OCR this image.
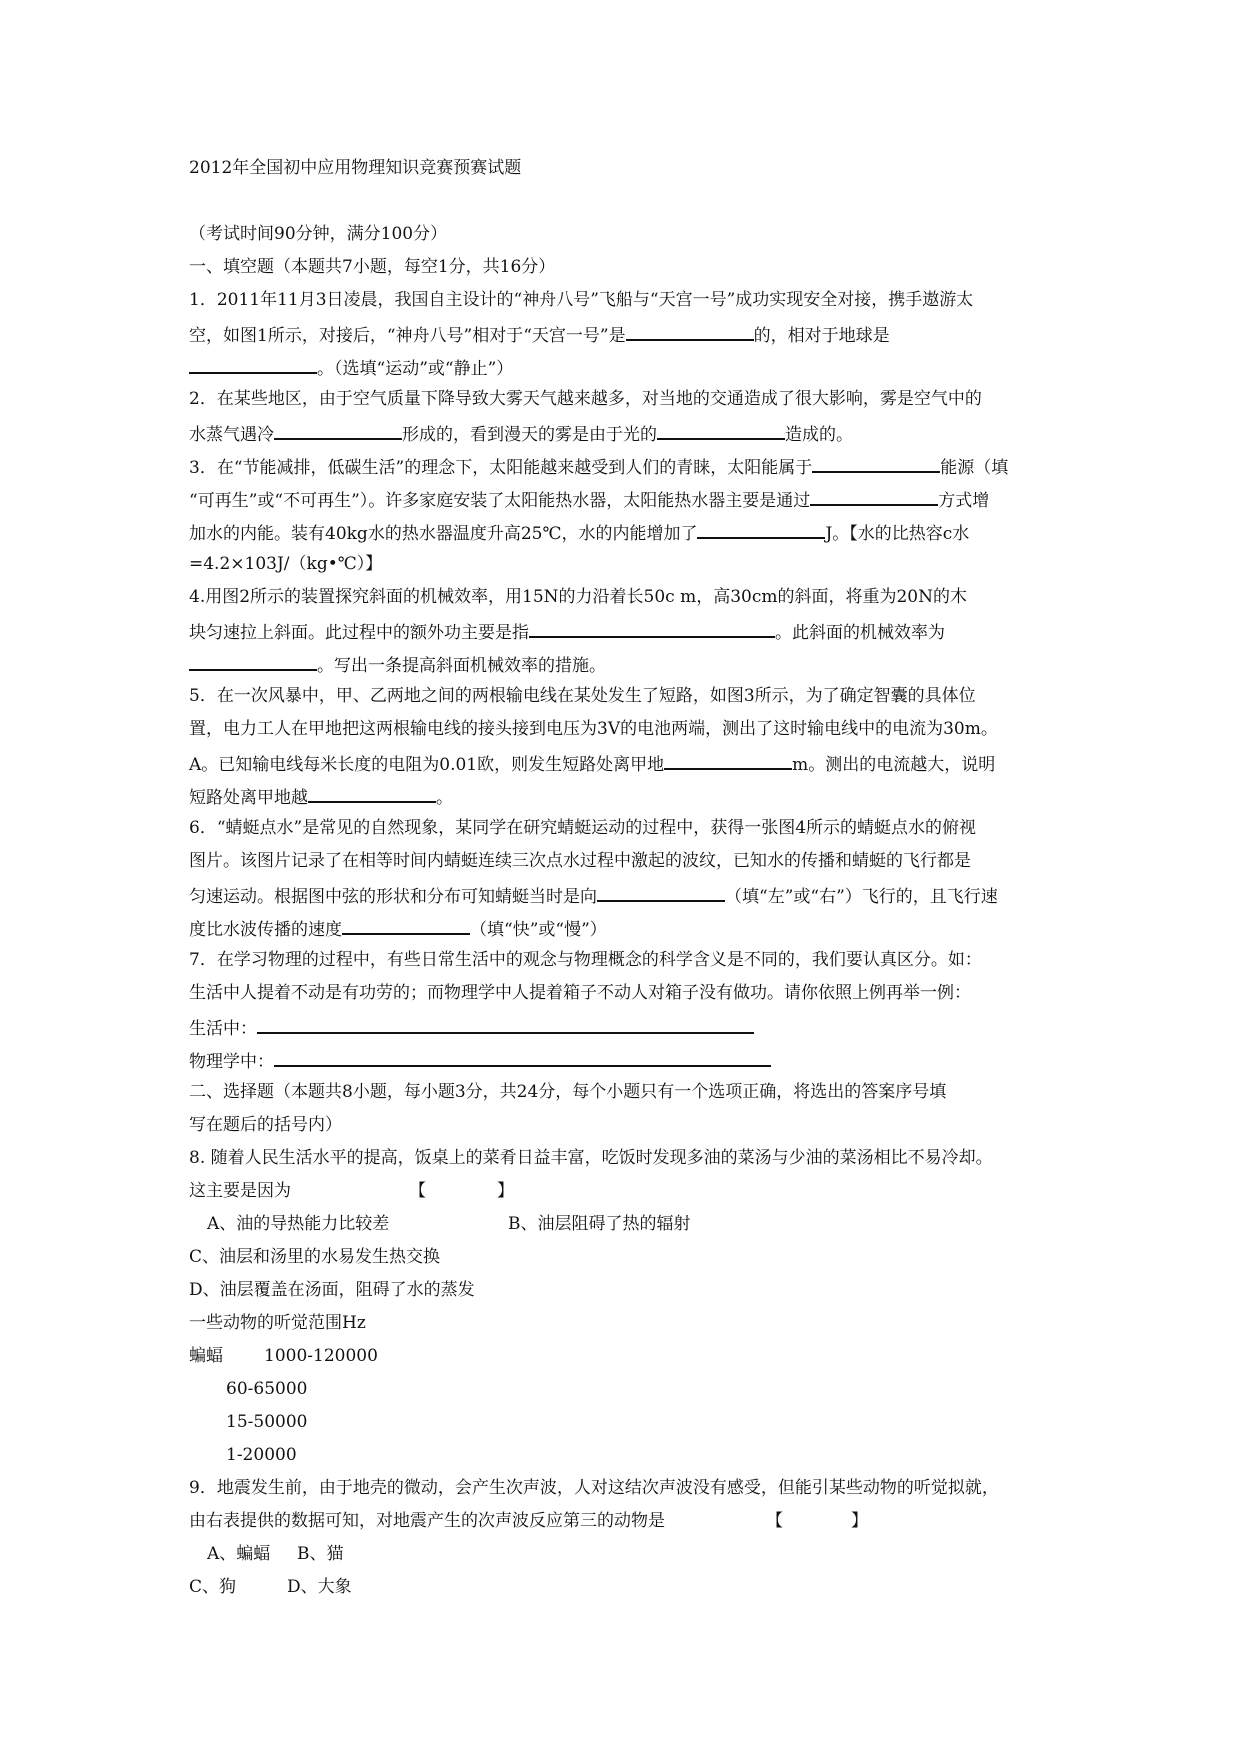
2012年全国初中应用物理知识竞赛预赛试题
（考试时间90分钟，满分100分）
一、填空题（本题共7小题，每空1分，共16分）
1．2011年11月3日凌晨，我国自主设计的“神舟八号”飞船与“天宫一号”成功实现安全对接，携手遨游太
空，如图1所示，对接后，“神舟八号”相对于“天宫一号”是	的，相对于地球是
。（选填“运动”或“静止”）
2．在某些地区，由于空气质量下降导致大雾天气越来越多，对当地的交通造成了很大影响，雾是空气中的
水蒸气遇冷	形成的，看到漫天的雾是由于光的	造成的。
3．在“节能减排，低碳生活”的理念下，太阳能越来越受到人们的青睐，太阳能属于	能源（填
“可再生”或“不可再生”）。许多家庭安装了太阳能热水器，太阳能热水器主要是通过	方式增
加水的内能。装有40kg水的热水器温度升高25℃，水的内能增加了	J。【水的比热容c水
=4.2×103J/（kg•℃）】
4.用图2所示的装置探究斜面的机械效率，用15N的力沿着长50c m，高30cm的斜面，将重为20N的木
块匀速拉上斜面。此过程中的额外功主要是指	。此斜面的机械效率为
。写出一条提高斜面机械效率的措施。
5．在一次风暴中，甲、乙两地之间的两根输电线在某处发生了短路，如图3所示，为了确定智囊的具体位
置，电力工人在甲地把这两根输电线的接头接到电压为3V的电池两端，测出了这时输电线中的电流为30m。
A。已知输电线每米长度的电阻为0.01欧，则发生短路处离甲地	m。测出的电流越大，说明
短路处离甲地越	。
6．“蜻蜓点水”是常见的自然现象，某同学在研究蜻蜓运动的过程中，获得一张图4所示的蜻蜓点水的俯视
图片。该图片记录了在相等时间内蜻蜓连续三次点水过程中激起的波纹，已知水的传播和蜻蜓的飞行都是
匀速运动。根据图中弦的形状和分布可知蜻蜓当时是向	（填“左”或“右”）飞行的，且飞行速
度比水波传播的速度	（填“快”或“慢”）
7．在学习物理的过程中，有些日常生活中的观念与物理概念的科学含义是不同的，我们要认真区分。如：
生活中人提着不动是有功劳的；而物理学中人提着箱子不动人对箱子没有做功。请你依照上例再举一例：
生活中：
物理学中：
二、选择题（本题共8小题，每小题3分，共24分，每个小题只有一个选项正确，将选出的答案序号填
写在题后的括号内）
8. 随着人民生活水平的提高，饭桌上的菜肴日益丰富，吃饭时发现多油的菜汤与少油的菜汤相比不易冷却。
这主要是因为	【	】
A、油的导热能力比较差	B、油层阻碍了热的辐射
C、油层和汤里的水易发生热交换
D、油层覆盖在汤面，阻碍了水的蒸发
一些动物的听觉范围Hz
蝙蝠 1000-120000
60-65000
15-50000
1-20000
9．地震发生前，由于地壳的微动，会产生次声波，人对这结次声波没有感受，但能引某些动物的听觉拟就，
由右表提供的数据可知，对地震产生的次声波反应第三的动物是	【	】
A、蝙蝠 B、猫
C、狗	D、大象
